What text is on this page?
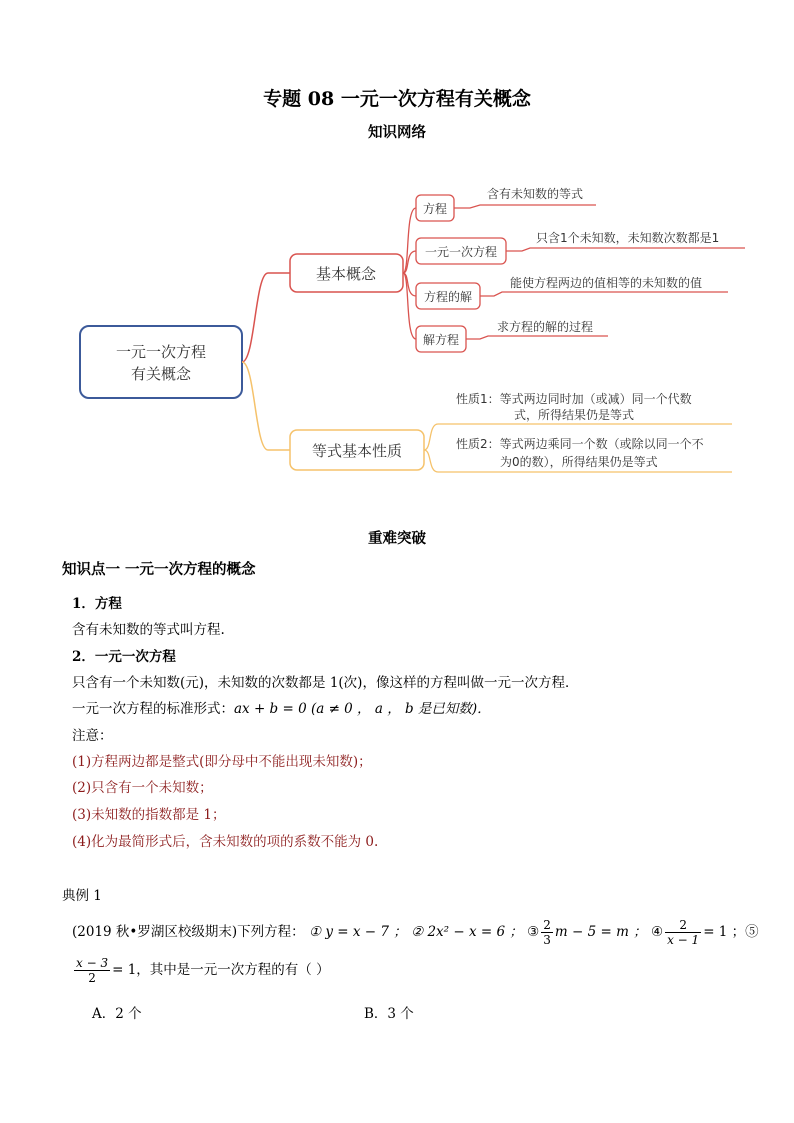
专题 08 一元一次方程有关概念
知识网络
一元一次方程
有关概念
基本概念
等式基本性质
方程
含有未知数的等式
一元一次方程
只含1个未知数，未知数次数都是1
方程的解
能使方程两边的值相等的未知数的值
解方程
求方程的解的过程
性质1：等式两边同时加（或减）同一个代数
式，所得结果仍是等式
性质2：等式两边乘同一个数（或除以同一个不
为0的数），所得结果仍是等式
重难突破
知识点一 一元一次方程的概念
1．方程
含有未知数的等式叫方程.
2．一元一次方程
只含有一个未知数(元)，未知数的次数都是 1(次)，像这样的方程叫做一元一次方程．
一元一次方程的标准形式：ax + b = 0 (a ≠ 0 ， a ， b 是已知数)．
注意：
(1)方程两边都是整式(即分母中不能出现未知数)；
(2)只含有一个未知数；
(3)未知数的指数都是 1；
(4)化为最简形式后，含未知数的项的系数不能为 0.
典例 1
(2019 秋•罗湖区校级期末)下列方程： ① y = x − 7 ； ② 2x² − x = 6 ； ③ $\frac{2}{3}$ m − 5 = m ； ④ $\frac{2}{x - 1} = 1$ ；⑤
$\frac{x - 3}{2} = 1$，其中是一元一次方程的有（ ）
A．2 个	B．3 个
